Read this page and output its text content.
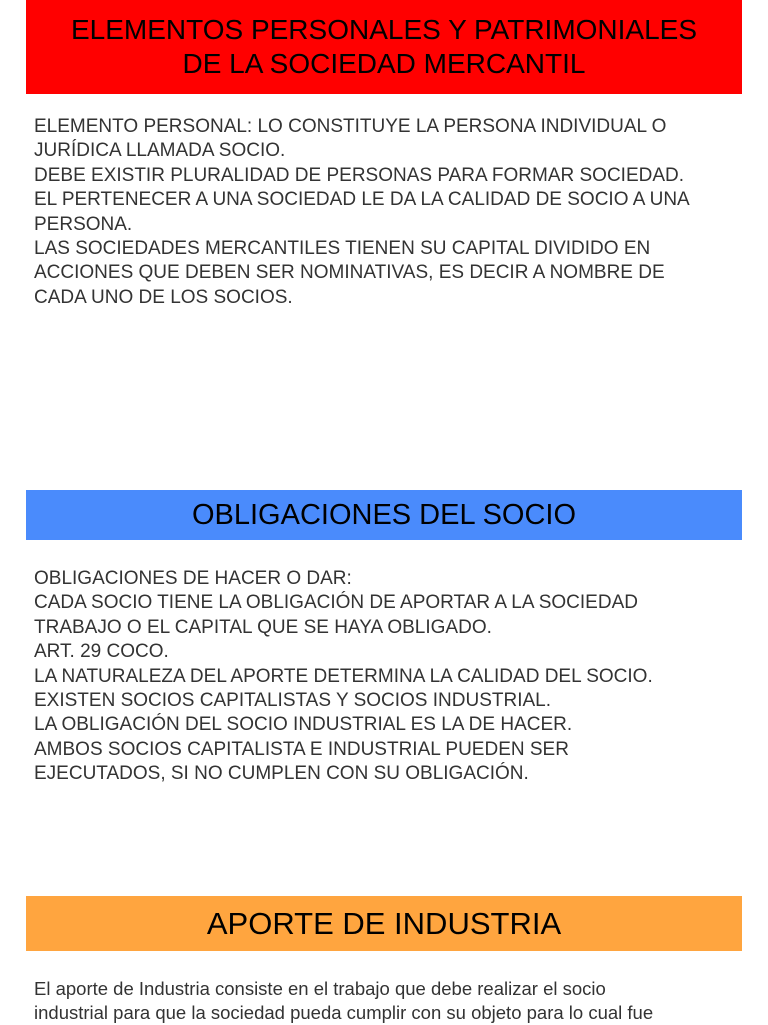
ELEMENTOS PERSONALES Y PATRIMONIALES
DE LA SOCIEDAD MERCANTIL
ELEMENTO PERSONAL: LO CONSTITUYE LA PERSONA INDIVIDUAL O
JURÍDICA LLAMADA SOCIO.
DEBE EXISTIR PLURALIDAD DE PERSONAS PARA FORMAR SOCIEDAD.
EL PERTENECER A UNA SOCIEDAD LE DA LA CALIDAD DE SOCIO A UNA
PERSONA.
LAS SOCIEDADES MERCANTILES TIENEN SU CAPITAL DIVIDIDO EN
ACCIONES QUE DEBEN SER NOMINATIVAS, ES DECIR A NOMBRE DE
CADA UNO DE LOS SOCIOS.
OBLIGACIONES DEL SOCIO
OBLIGACIONES DE HACER O DAR:
CADA SOCIO TIENE LA OBLIGACIÓN DE APORTAR A LA SOCIEDAD
TRABAJO O EL CAPITAL QUE SE HAYA OBLIGADO.
ART. 29 COCO.
LA NATURALEZA DEL APORTE DETERMINA LA CALIDAD DEL SOCIO.
EXISTEN SOCIOS CAPITALISTAS Y SOCIOS INDUSTRIAL.
LA OBLIGACIÓN DEL SOCIO INDUSTRIAL ES LA DE HACER.
AMBOS SOCIOS CAPITALISTA E INDUSTRIAL PUEDEN SER
EJECUTADOS, SI NO CUMPLEN CON SU OBLIGACIÓN.
APORTE DE INDUSTRIA
El aporte de Industria consiste en el trabajo que debe realizar el socio
industrial para que la sociedad pueda cumplir con su objeto para lo cual fue
